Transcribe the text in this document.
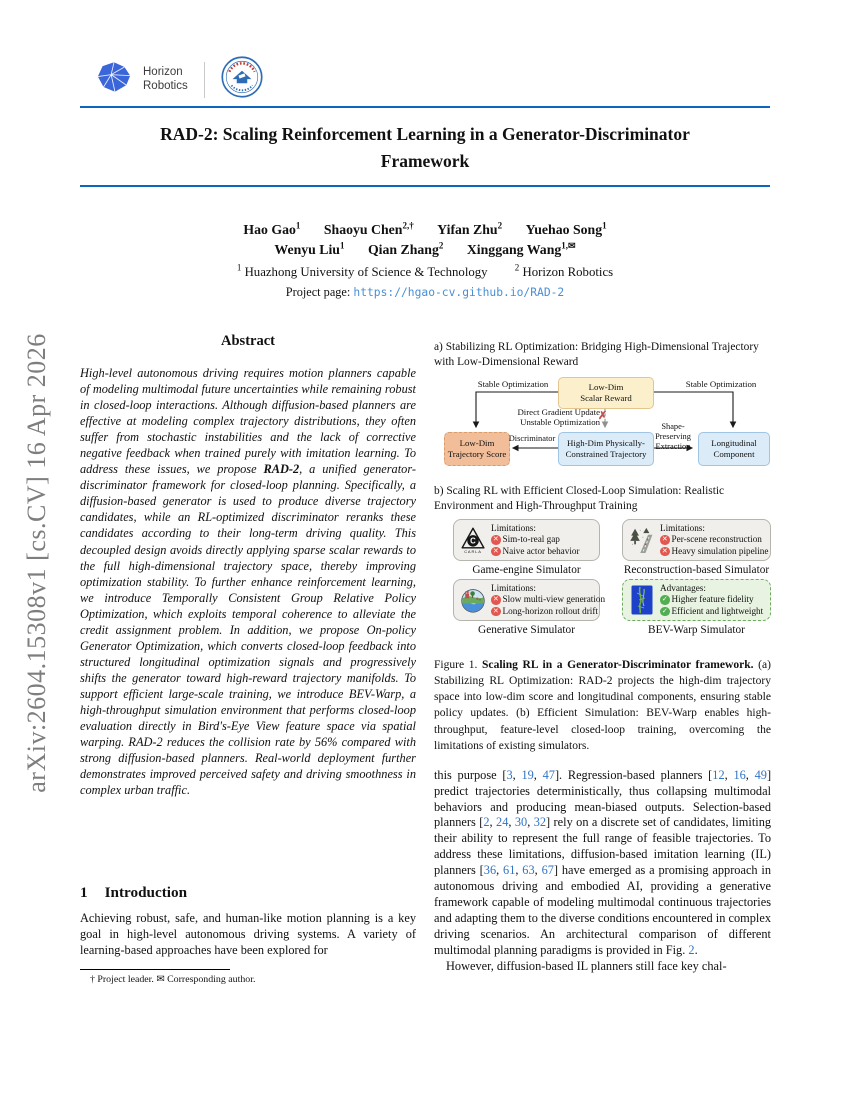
arXiv:2604.15308v1 [cs.CV] 16 Apr 2026
Horizon
Robotics
RAD-2: Scaling Reinforcement Learning in a Generator-Discriminator
Framework
Hao Gao$^1$ Shaoyu Chen$^{2,\dagger}$ Yifan Zhu$^2$ Yuehao Song$^1$
Wenyu Liu$^1$ Qian Zhang$^2$ Xinggang Wang$^{1,✉}$
$^1$ Huazhong University of Science & Technology	$^2$ Horizon Robotics
Project page: https://hgao-cv.github.io/RAD-2
Abstract

High-level autonomous driving requires motion planners capable of modeling multimodal future uncertainties while remaining robust in closed-loop interactions. Although diffusion-based planners are effective at modeling complex trajectory distributions, they often suffer from stochastic instabilities and the lack of corrective negative feedback when trained purely with imitation learning. To address these issues, we propose RAD-2, a unified generator-discriminator framework for closed-loop planning. Specifically, a diffusion-based generator is used to produce diverse trajectory candidates, while an RL-optimized discriminator reranks these candidates according to their long-term driving quality. This decoupled design avoids directly applying sparse scalar rewards to the full high-dimensional trajectory space, thereby improving optimization stability. To further enhance reinforcement learning, we introduce Temporally Consistent Group Relative Policy Optimization, which exploits temporal coherence to alleviate the credit assignment problem. In addition, we propose On-policy Generator Optimization, which converts closed-loop feedback into structured longitudinal optimization signals and progressively shifts the generator toward high-reward trajectory manifolds. To support efficient large-scale training, we introduce BEV-Warp, a high-throughput simulation environment that performs closed-loop evaluation directly in Bird's-Eye View feature space via spatial warping. RAD-2 reduces the collision rate by 56% compared with strong diffusion-based planners. Real-world deployment further demonstrates improved perceived safety and driving smoothness in complex urban traffic.

1 Introduction

Achieving robust, safe, and human-like motion planning is a key goal in high-level autonomous driving systems. A variety of learning-based approaches have been explored for

† Project leader. ✉ Corresponding author.
a) Stabilizing RL Optimization: Bridging High-Dimensional Trajectory with Low-Dimensional Reward
Low-Dim
Scalar Reward
Low-Dim
Trajectory Score
High-Dim Physically-
Constrained Trajectory
Longitudinal
Component
Stable Optimization	Stable Optimization
Direct Gradient Update
Unstable Optimization
Discriminator
Shape-Preserving
Extraction
✗
b) Scaling RL with Efficient Closed-Loop Simulation: Realistic Environment and High-Throughput Training
C
CARLA
Limitations:
✕
Sim-to-real gap
✕
Naive actor behavior
Game-engine Simulator
Limitations:
✕
Per-scene reconstruction
✕
Heavy simulation pipeline
Reconstruction-based Simulator
Limitations:
✕
Slow multi-view generation
✕
Long-horizon rollout drift
Generative Simulator
Advantages:
✓
Higher feature fidelity
✓
Efficient and lightweight
BEV-Warp Simulator
Figure 1. Scaling RL in a Generator-Discriminator framework. (a) Stabilizing RL Optimization: RAD-2 projects the high-dim trajectory space into low-dim score and longitudinal components, ensuring stable policy updates. (b) Efficient Simulation: BEV-Warp enables high-throughput, feature-level closed-loop training, overcoming the limitations of existing simulators.

this purpose [3, 19, 47]. Regression-based planners [12, 16, 49] predict trajectories deterministically, thus collapsing multimodal behaviors and producing mean-biased outputs. Selection-based planners [2, 24, 30, 32] rely on a discrete set of candidates, limiting their ability to represent the full range of feasible trajectories. To address these limitations, diffusion-based imitation learning (IL) planners [36, 61, 63, 67] have emerged as a promising approach in autonomous driving and embodied AI, providing a generative framework capable of modeling multimodal continuous trajectories and adapting them to the diverse conditions encountered in complex driving scenarios. An architectural comparison of different multimodal planning paradigms is provided in Fig. 2.

However, diffusion-based IL planners still face key chal-
